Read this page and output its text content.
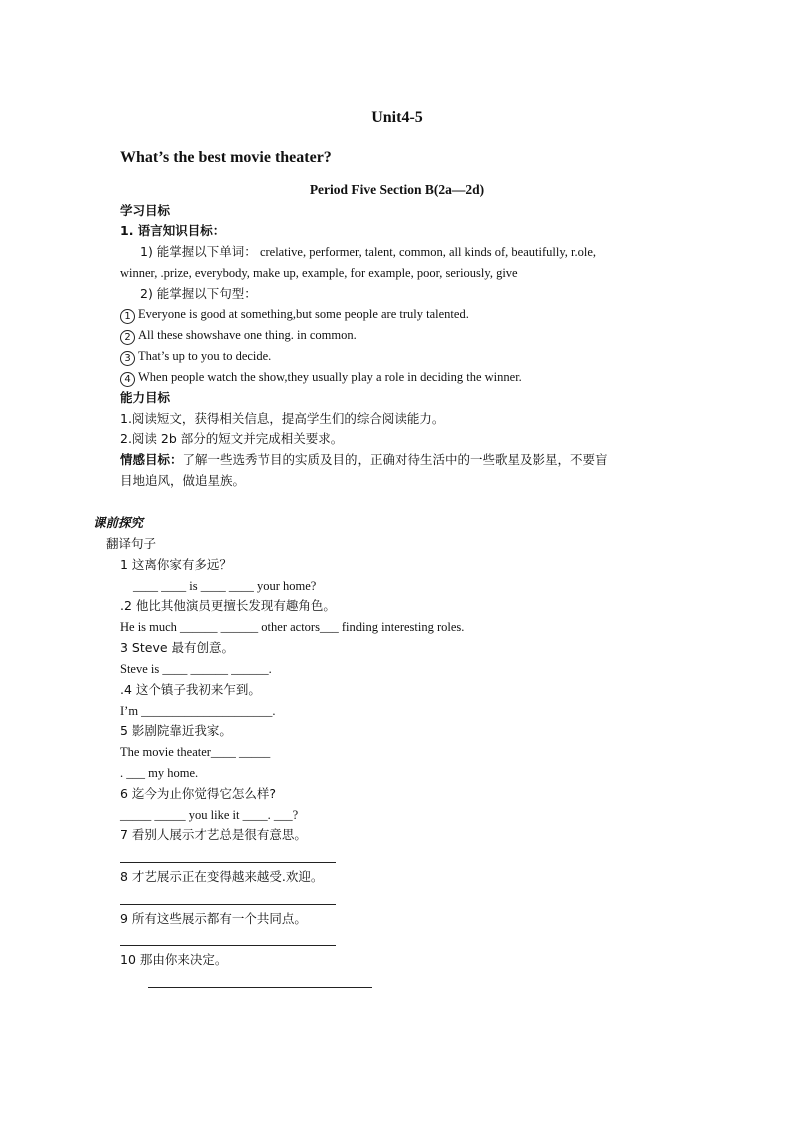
Unit4-5
What’s the best movie theater?
Period Five Section B(2a—2d)
学习目标
1. 语言知识目标：
1) 能掌握以下单词： crelative, performer, talent, common, all kinds of, beautifully, r.ole,
winner, .prize, everybody, make up, example, for example, poor, seriously, give
2) 能掌握以下句型：
1 Everyone is good at something,but some people are truly talented.
2 All these showshave one thing. in common.
3 That’s up to you to decide.
4 When people watch the show,they usually play a role in deciding the winner.
能力目标
1.阅读短文，获得相关信息，提高学生们的综合阅读能力。
2.阅读 2b 部分的短文并完成相关要求。
情感目标：了解一些选秀节目的实质及目的，正确对待生活中的一些歌星及影星，不要盲
目地追风，做追星族。
课前探究
翻译句子
1 这离你家有多远？
____ ____ is ____ ____ your home?
.2 他比其他演员更擅长发现有趣角色。
He is much ______ ______ other actors___ finding interesting roles.
3 Steve 最有创意。
Steve is ____ ______ ______.
.4 这个镇子我初来乍到。
I’m _____________________.
5 影剧院靠近我家。
The movie theater____ _____
. ___ my home.
6 迄今为止你觉得它怎么样?
_____ _____ you like it ____. ___?
7 看别人展示才艺总是很有意思。
8 才艺展示正在变得越来越受.欢迎。
9 所有这些展示都有一个共同点。
10 那由你来决定。
